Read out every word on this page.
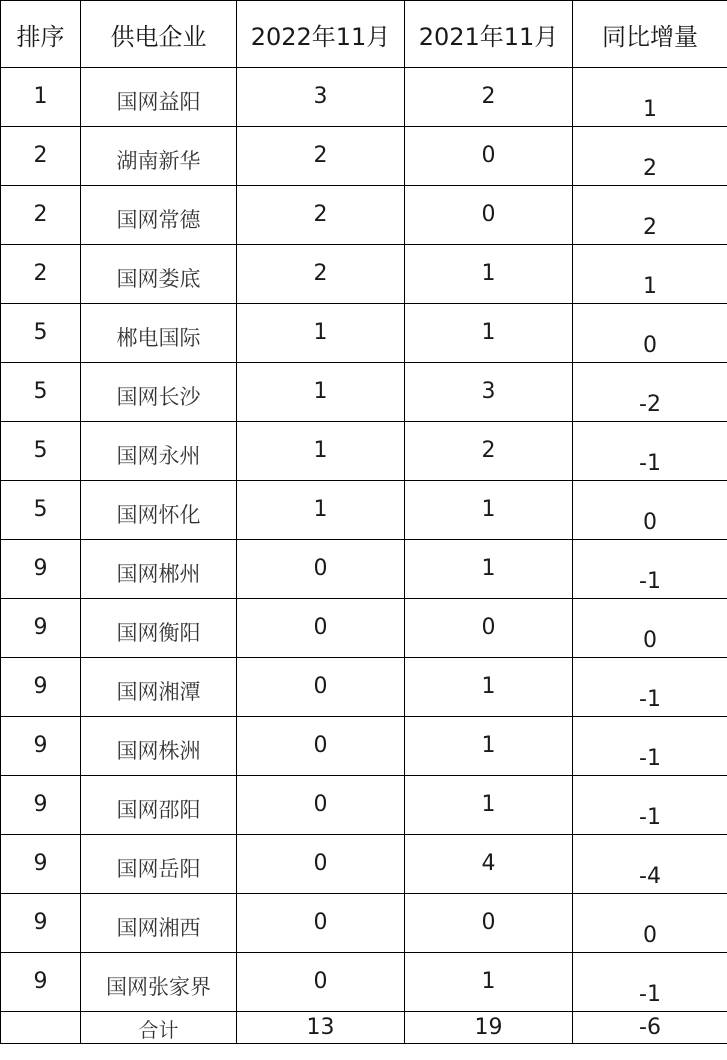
排序	供电企业	2022年11月	2021年11月	同比增量
1	国网益阳	3	2	1
2	湖南新华	2	0	2
2	国网常德	2	0	2
2	国网娄底	2	1	1
5	郴电国际	1	1	0
5	国网长沙	1	3	-2
5	国网永州	1	2	-1
5	国网怀化	1	1	0
9	国网郴州	0	1	-1
9	国网衡阳	0	0	0
9	国网湘潭	0	1	-1
9	国网株洲	0	1	-1
9	国网邵阳	0	1	-1
9	国网岳阳	0	4	-4
9	国网湘西	0	0	0
9	国网张家界	0	1	-1
	合计	13	19	-6
